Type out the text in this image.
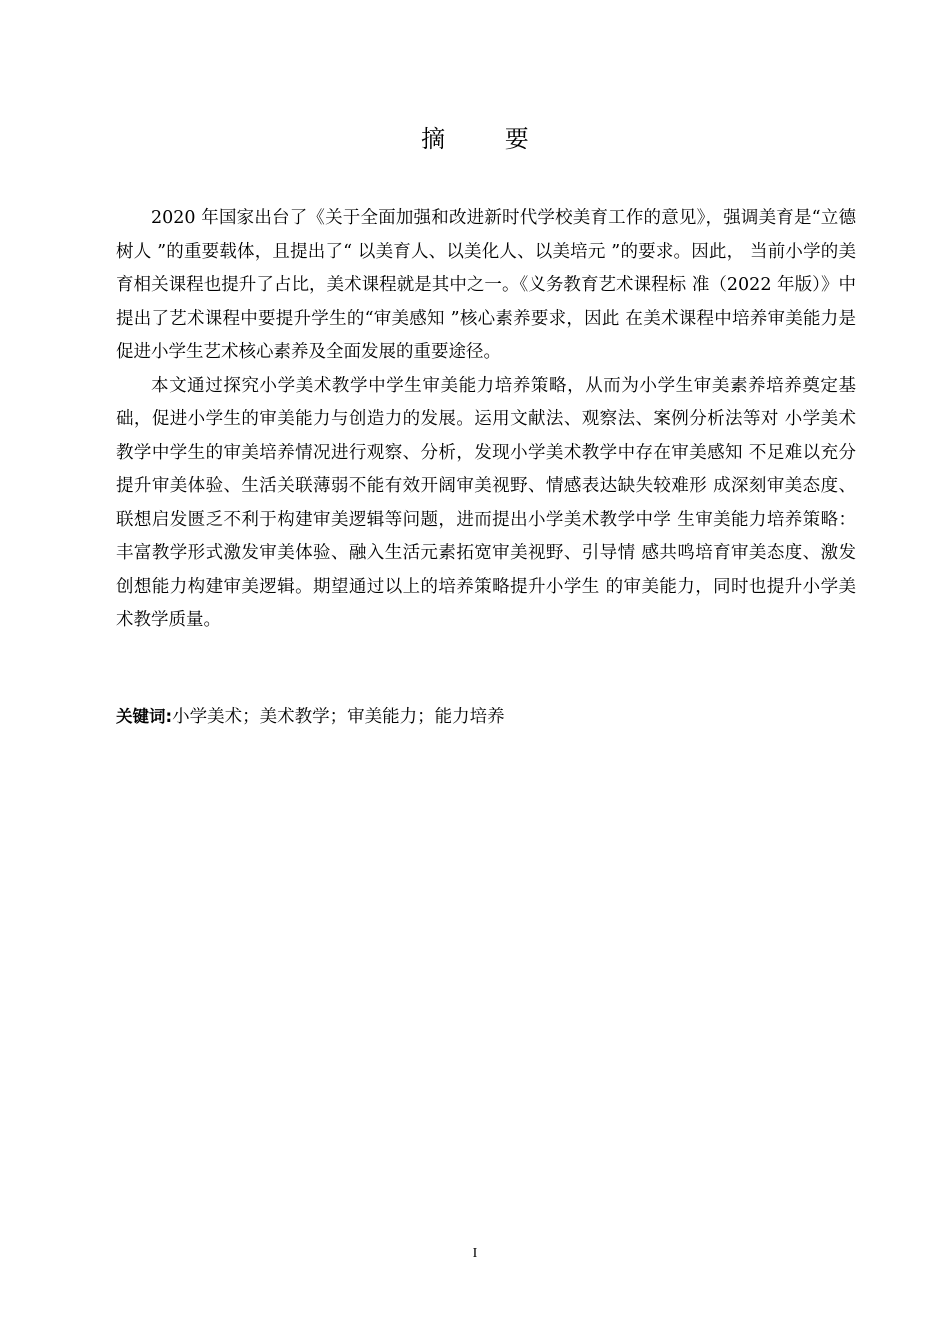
摘 要

2020 年国家出台了《关于全面加强和改进新时代学校美育工作的意见》，强调美育是“立德树人 ”的重要载体，且提出了“ 以美育人、以美化人、以美培元 ”的要求。因此， 当前小学的美育相关课程也提升了占比，美术课程就是其中之一。《义务教育艺术课程标 准（2022 年版）》中提出了艺术课程中要提升学生的“审美感知 ”核心素养要求，因此 在美术课程中培养审美能力是促进小学生艺术核心素养及全面发展的重要途径。

本文通过探究小学美术教学中学生审美能力培养策略，从而为小学生审美素养培养奠定基础，促进小学生的审美能力与创造力的发展。运用文献法、观察法、案例分析法等对 小学美术教学中学生的审美培养情况进行观察、分析，发现小学美术教学中存在审美感知 不足难以充分提升审美体验、生活关联薄弱不能有效开阔审美视野、情感表达缺失较难形 成深刻审美态度、联想启发匮乏不利于构建审美逻辑等问题，进而提出小学美术教学中学 生审美能力培养策略：丰富教学形式激发审美体验、融入生活元素拓宽审美视野、引导情 感共鸣培育审美态度、激发创想能力构建审美逻辑。期望通过以上的培养策略提升小学生 的审美能力，同时也提升小学美术教学质量。

关键词:小学美术；美术教学；审美能力；能力培养
I
